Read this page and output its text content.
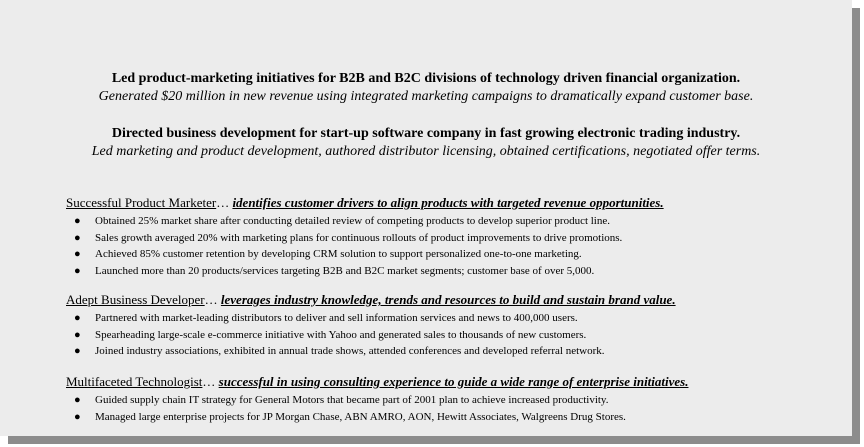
Led product-marketing initiatives for B2B and B2C divisions of technology driven financial organization.
Generated $20 million in new revenue using integrated marketing campaigns to dramatically expand customer base.
Directed business development for start-up software company in fast growing electronic trading industry.
Led marketing and product development, authored distributor licensing, obtained certifications, negotiated offer terms.
Successful Product Marketer… identifies customer drivers to align products with targeted revenue opportunities.
● Obtained 25% market share after conducting detailed review of competing products to develop superior product line.
● Sales growth averaged 20% with marketing plans for continuous rollouts of product improvements to drive promotions.
● Achieved 85% customer retention by developing CRM solution to support personalized one-to-one marketing.
● Launched more than 20 products/services targeting B2B and B2C market segments; customer base of over 5,000.
Adept Business Developer… leverages industry knowledge, trends and resources to build and sustain brand value.
● Partnered with market-leading distributors to deliver and sell information services and news to 400,000 users.
● Spearheading large-scale e-commerce initiative with Yahoo and generated sales to thousands of new customers.
● Joined industry associations, exhibited in annual trade shows, attended conferences and developed referral network.
Multifaceted Technologist… successful in using consulting experience to guide a wide range of enterprise initiatives.
● Guided supply chain IT strategy for General Motors that became part of 2001 plan to achieve increased productivity.
● Managed large enterprise projects for JP Morgan Chase, ABN AMRO, AON, Hewitt Associates, Walgreens Drug Stores.
